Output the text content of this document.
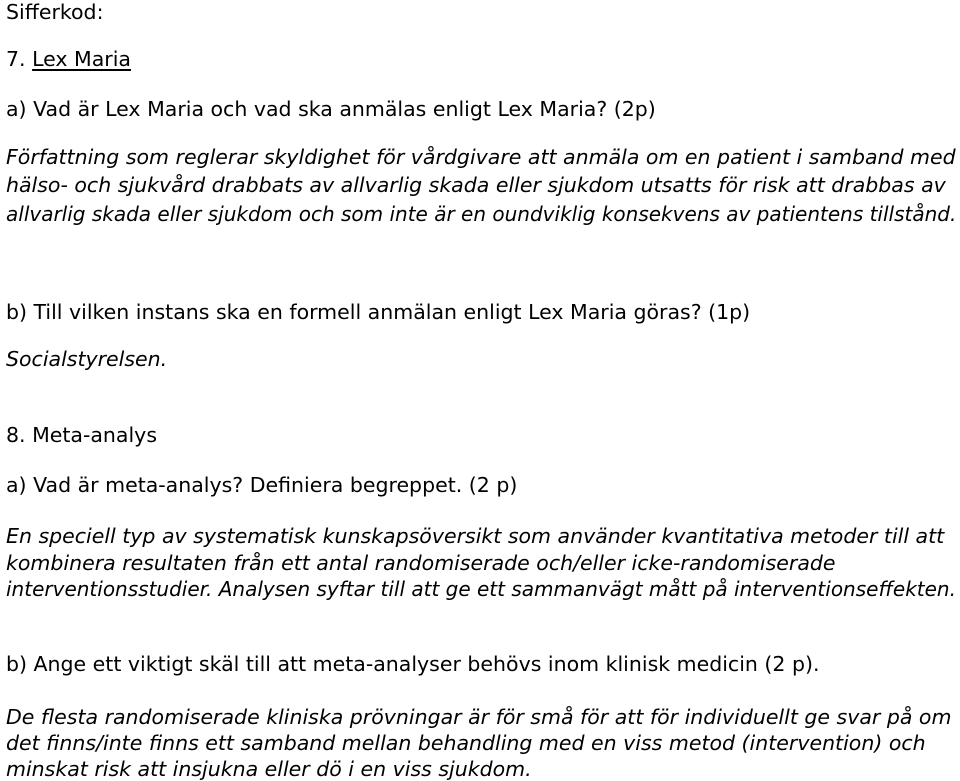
Sifferkod:
7. Lex Maria
a) Vad är Lex Maria och vad ska anmälas enligt Lex Maria? (2p)
Författning som reglerar skyldighet för vårdgivare att anmäla om en patient i samband med
hälso- och sjukvård drabbats av allvarlig skada eller sjukdom utsatts för risk att drabbas av
allvarlig skada eller sjukdom och som inte är en oundviklig konsekvens av patientens tillstånd.
b) Till vilken instans ska en formell anmälan enligt Lex Maria göras? (1p)
Socialstyrelsen.
8. Meta-analys
a) Vad är meta-analys? Definiera begreppet. (2 p)
En speciell typ av systematisk kunskapsöversikt som använder kvantitativa metoder till att
kombinera resultaten från ett antal randomiserade och/eller icke-randomiserade
interventionsstudier. Analysen syftar till att ge ett sammanvägt mått på interventionseffekten.
b) Ange ett viktigt skäl till att meta-analyser behövs inom klinisk medicin (2 p).
De flesta randomiserade kliniska prövningar är för små för att för individuellt ge svar på om
det finns/inte finns ett samband mellan behandling med en viss metod (intervention) och
minskat risk att insjukna eller dö i en viss sjukdom.
